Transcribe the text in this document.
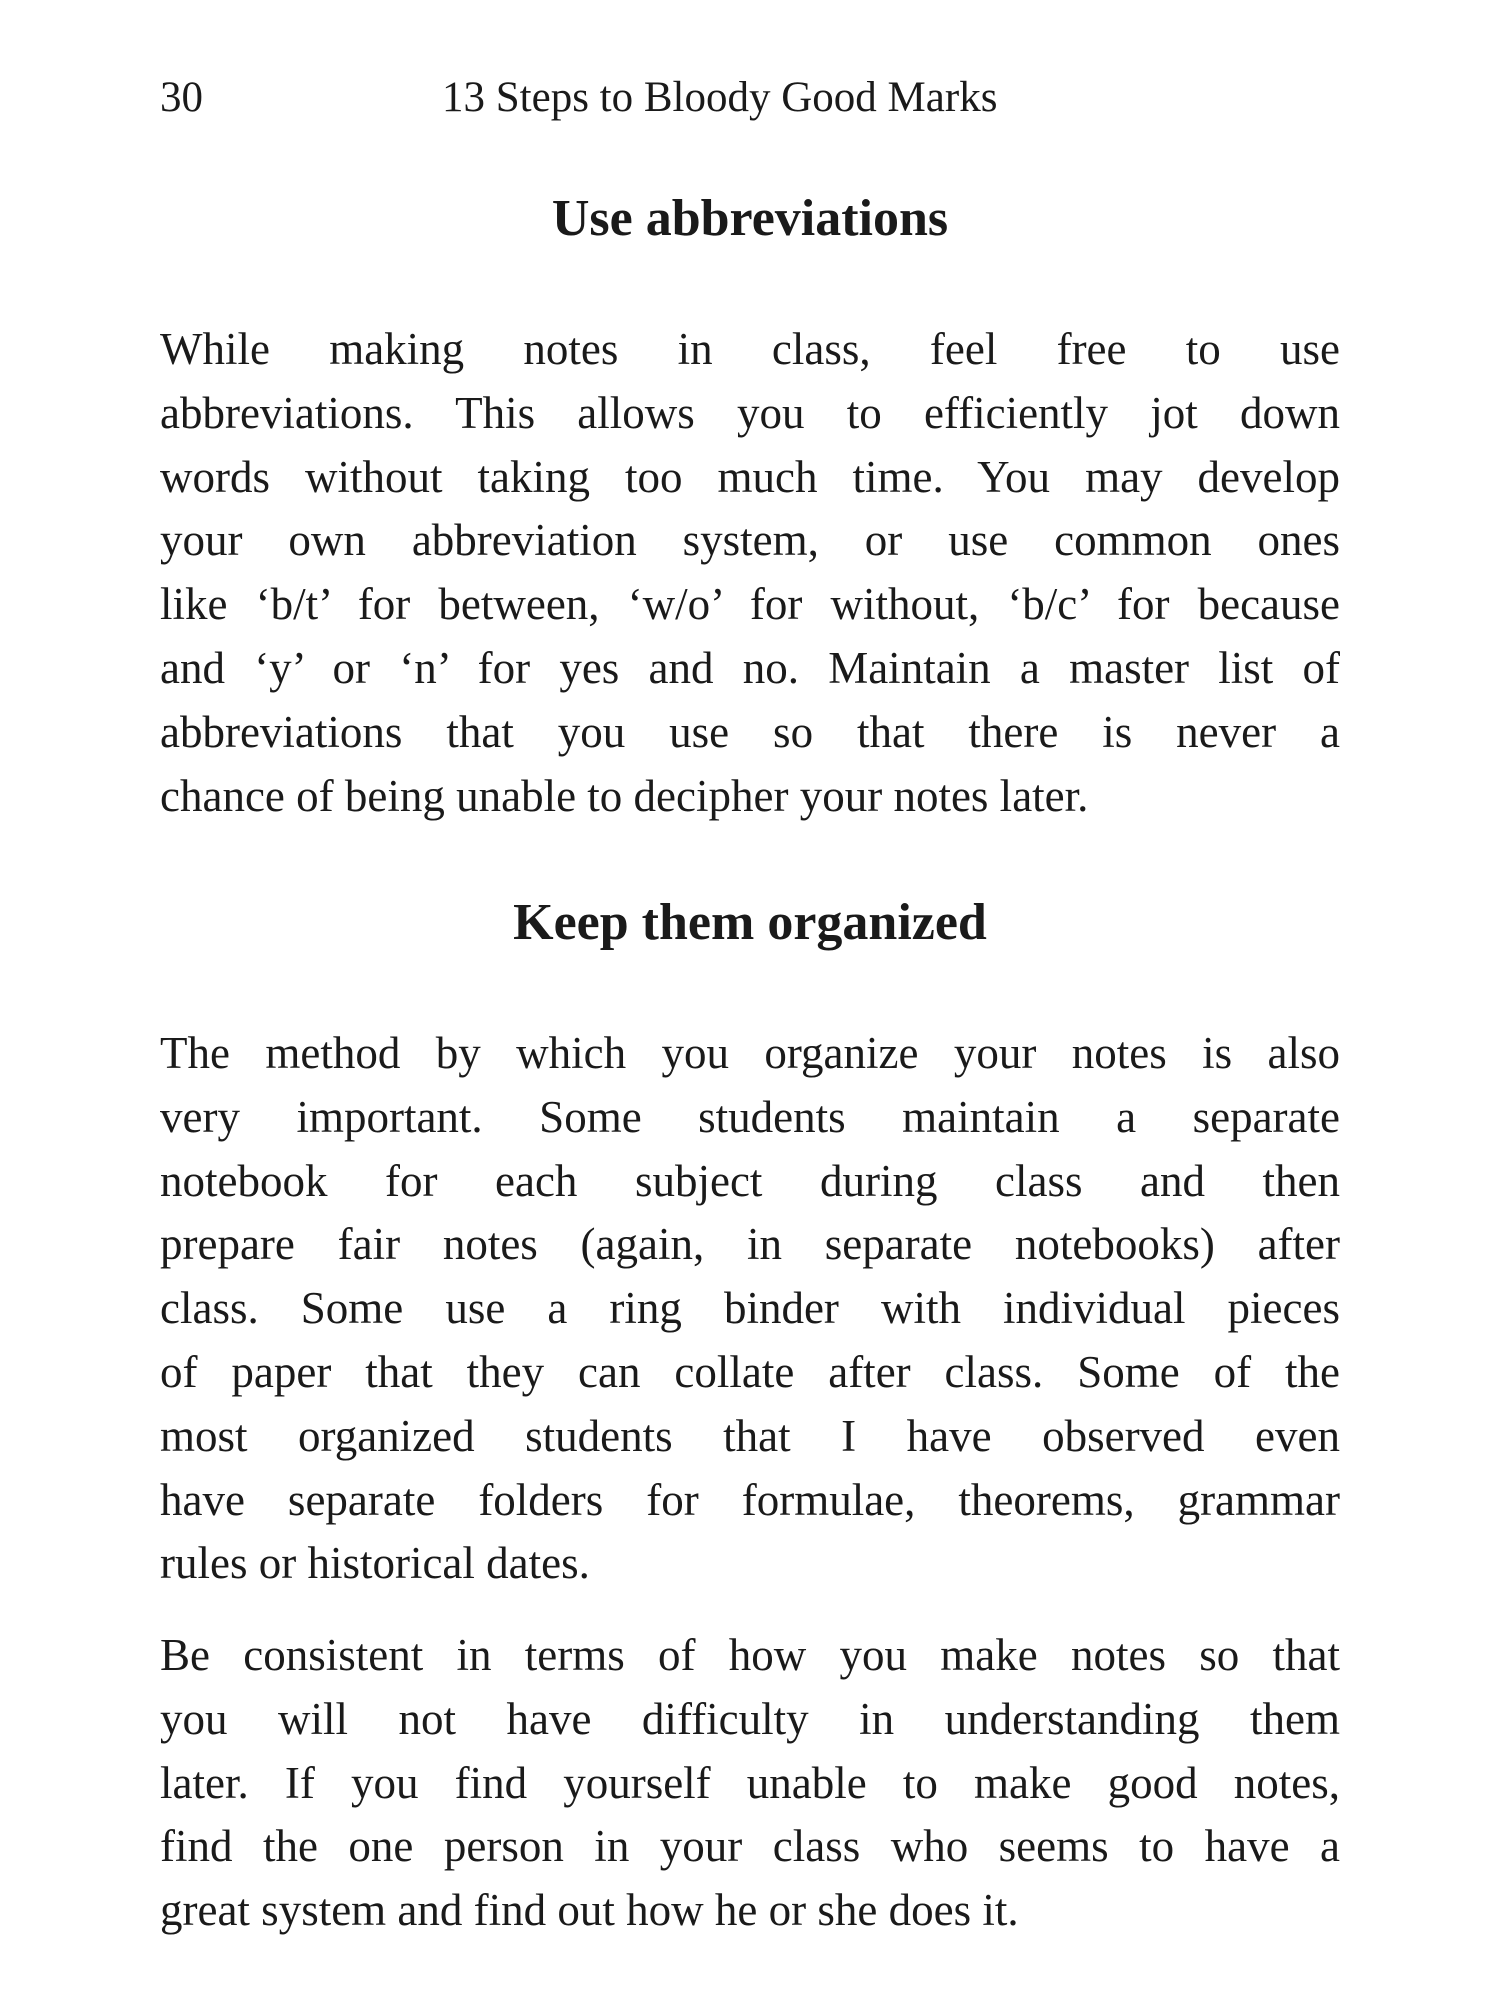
30	13 Steps to Bloody Good Marks
Use abbreviations

While making notes in class, feel free to use
abbreviations. This allows you to efficiently jot down
words without taking too much time. You may develop
your own abbreviation system, or use common ones
like ‘b/t’ for between, ‘w/o’ for without, ‘b/c’ for because
and ‘y’ or ‘n’ for yes and no. Maintain a master list of
abbreviations that you use so that there is never a
chance of being unable to decipher your notes later.

Keep them organized

The method by which you organize your notes is also
very important. Some students maintain a separate
notebook for each subject during class and then
prepare fair notes (again, in separate notebooks) after
class. Some use a ring binder with individual pieces
of paper that they can collate after class. Some of the
most organized students that I have observed even
have separate folders for formulae, theorems, grammar
rules or historical dates.

Be consistent in terms of how you make notes so that
you will not have difficulty in understanding them
later. If you find yourself unable to make good notes,
find the one person in your class who seems to have a
great system and find out how he or she does it.
